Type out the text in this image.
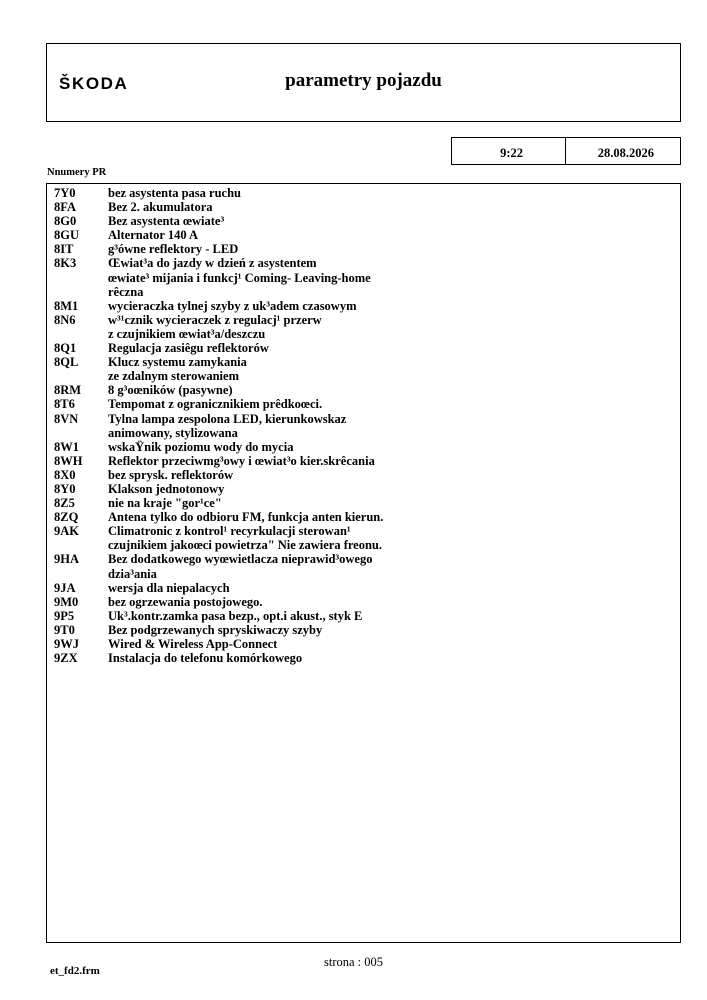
ŠKODA	parametry pojazdu
9:22	28.08.2026
Nnumery PR
7Y0	bez asystenta pasa ruchu
8FA	Bez 2. akumulatora
8G0	Bez asystenta œwiate³
8GU	Alternator 140 A
8IT	g³ówne reflektory - LED
8K3	Œwiat³a do jazdy w dzień z asystentem
œwiate³ mijania i funkcj¹ Coming- Leaving-home
rêczna
8M1	wycieraczka tylnej szyby z uk³adem czasowym
8N6	w³¹cznik wycieraczek z regulacj¹ przerw
z czujnikiem œwiat³a/deszczu
8Q1	Regulacja zasiêgu reflektorów
8QL	Klucz systemu zamykania
ze zdalnym sterowaniem
8RM	8 g³oœników (pasywne)
8T6	Tempomat z ogranicznikiem prêdkoœci.
8VN	Tylna lampa zespolona LED, kierunkowskaz
animowany, stylizowana
8W1	wskaŸnik poziomu wody do mycia
8WH	Reflektor przeciwmg³owy i œwiat³o kier.skrêcania
8X0	bez sprysk. reflektorów
8Y0	Klakson jednotonowy
8Z5	nie na kraje "gor¹ce"
8ZQ	Antena tylko do odbioru FM, funkcja anten kierun.
9AK	Climatronic z kontrol¹ recyrkulacji sterowan¹
czujnikiem jakoœci powietrza" Nie zawiera freonu.
9HA	Bez dodatkowego wyœwietlacza nieprawid³owego
dzia³ania
9JA	wersja dla niepalacych
9M0	bez ogrzewania postojowego.
9P5	Uk³.kontr.zamka pasa bezp., opt.i akust., styk E
9T0	Bez podgrzewanych spryskiwaczy szyby
9WJ	Wired & Wireless App-Connect
9ZX	Instalacja do telefonu komórkowego
strona : 005
et_fd2.frm
